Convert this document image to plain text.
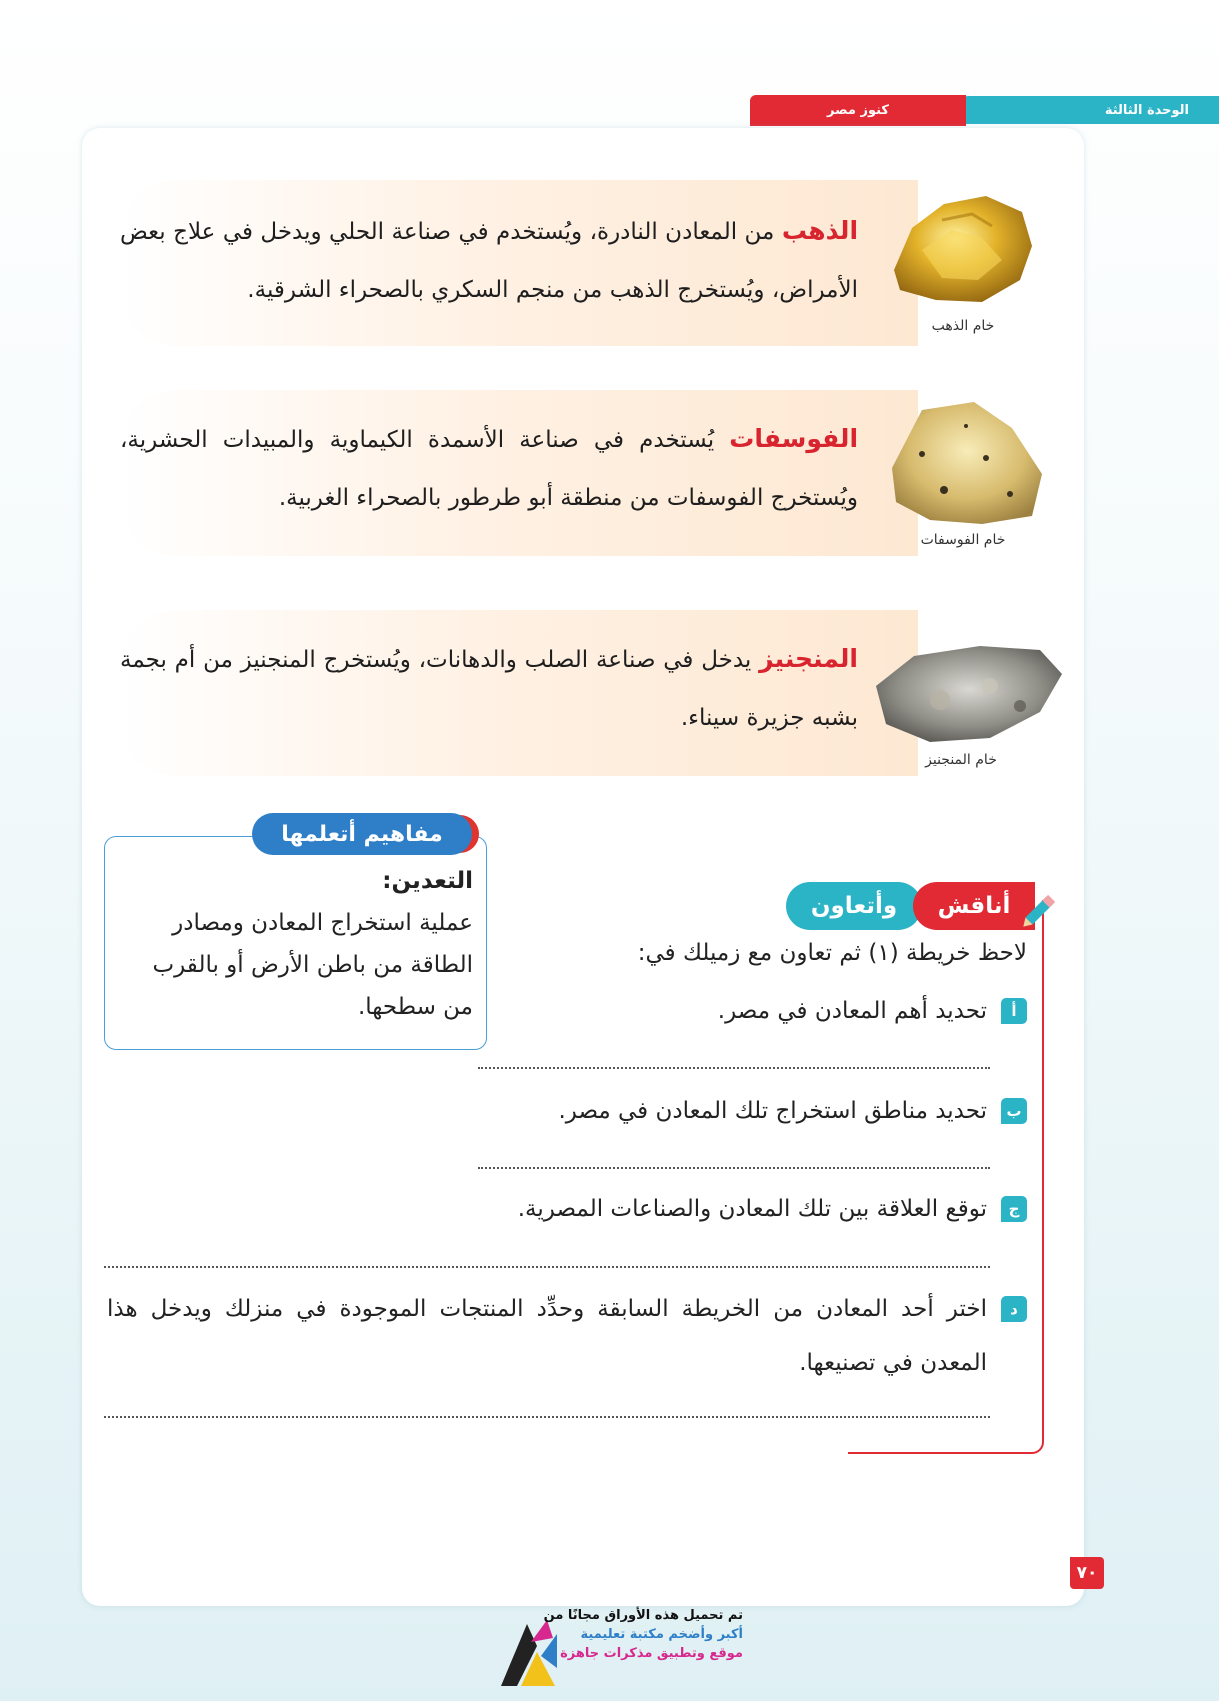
الوحدة الثالثة
كنوز مصر
خام الذهب
الذهب من المعادن النادرة، ويُستخدم في صناعة الحلي ويدخل في علاج بعض الأمراض، ويُستخرج الذهب من منجم السكري بالصحراء الشرقية.
خام الفوسفات
الفوسفات يُستخدم في صناعة الأسمدة الكيماوية والمبيدات الحشرية، ويُستخرج الفوسفات من منطقة أبو طرطور بالصحراء الغربية.
خام المنجنيز
المنجنيز يدخل في صناعة الصلب والدهانات، ويُستخرج المنجنيز من أم بجمة بشبه جزيرة سيناء.
مفاهيم أتعلمها
التعدين:
عملية استخراج المعادن ومصادر الطاقة من باطن الأرض أو بالقرب من سطحها.
وأتعاون	أناقش
لاحظ خريطة (١) ثم تعاون مع زميلك في:
أ
تحديد أهم المعادن في مصر.
ب
تحديد مناطق استخراج تلك المعادن في مصر.
ج
توقع العلاقة بين تلك المعادن والصناعات المصرية.
د
اختر أحد المعادن من الخريطة السابقة وحدِّد المنتجات الموجودة في منزلك ويدخل هذا المعدن في تصنيعها.
٧٠
تم تحميل هذه الأوراق مجانًا من
أكبر وأضخم مكتبة تعليمية
موقع وتطبيق مذكرات جاهزة
